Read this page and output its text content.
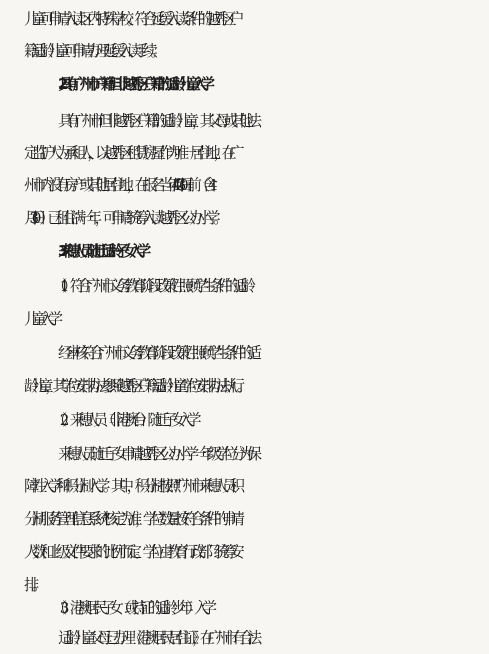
儿童可申请入读区内特殊学校。符合延缓入读条件的越秀区户
籍适龄儿童可申请办理延缓入读手续。
2.具有广州市户籍但非越秀区户籍的适龄儿童入学
具有广州市但非越秀区户籍的适龄儿童，其父母或其他法
定监护人为承租人，以越秀区租赁房屋作为唯一居住地，在广
州市内没有房产或其他居住地，在报名当年 4 月 30 日前（含 4
月 30 日）已租住满一年，可申请统筹入读越秀区公办小学。
3.来穗人员随迁适龄子女入学
（1）符合广州市义务教育阶段政策性照顾学生条件的适龄
儿童入学
经审核符合广州市义务教育阶段政策性照顾学生条件的适
龄儿童，其学位安排办法参照越秀区户籍适龄儿童学位安排办法执行。
（2）来穗人员（非港澳台）随迁子女入学
来穗人员随迁子女申请越秀区公办小学一年级学位分为保
障性入学和积分制入学。其中，积分制按照“广州市来穗人员积
分制服务管理信息系统”核定为准，学位数量按符合条件的申请
人数和上级文件要求的比例而定。学位由教育行政部门统筹安
排。
（3）港澳居民子女（或持证的适龄少年）入学
适龄儿童父母已办理《港澳居民居住证》，在广州市有合法
